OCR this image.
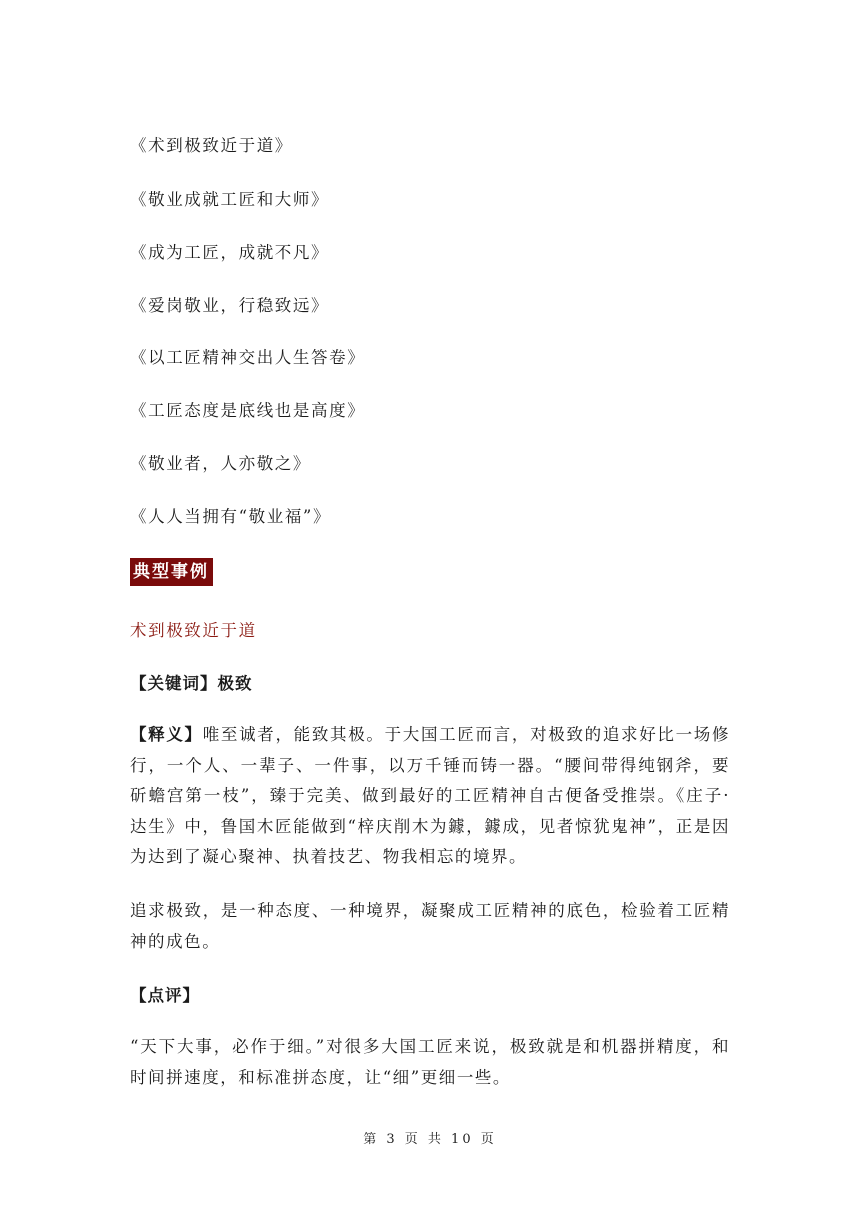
《术到极致近于道》
《敬业成就工匠和大师》
《成为工匠，成就不凡》
《爱岗敬业，行稳致远》
《以工匠精神交出人生答卷》
《工匠态度是底线也是高度》
《敬业者，人亦敬之》
《人人当拥有“敬业福”》
典型事例
术到极致近于道
【关键词】极致

【释义】唯至诚者，能致其极。于大国工匠而言，对极致的追求好比一场修行，一个人、一辈子、一件事，以万千锤而铸一器。“腰间带得纯钢斧，要斫蟾宫第一枝”，臻于完美、做到最好的工匠精神自古便备受推崇。《庄子·达生》中，鲁国木匠能做到“梓庆削木为鐻，鐻成，见者惊犹鬼神”，正是因为达到了凝心聚神、执着技艺、物我相忘的境界。

追求极致，是一种态度、一种境界，凝聚成工匠精神的底色，检验着工匠精神的成色。

【点评】

“天下大事，必作于细。”对很多大国工匠来说，极致就是和机器拼精度，和时间拼速度，和标准拼态度，让“细”更细一些。

第 3 页 共 10 页
